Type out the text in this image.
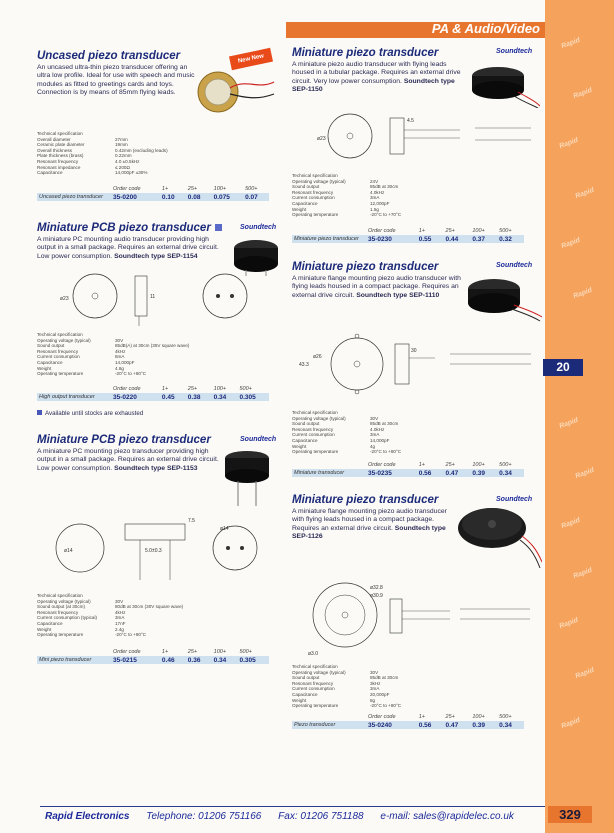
Rapid
Rapid
Rapid
Rapid
Rapid
Rapid
Rapid
Rapid
Rapid
Rapid
Rapid
Rapid
Rapid
PA & Audio/Video
20
Uncased piezo transducer	New New
An uncased ultra-thin piezo transducer offering an ultra low profile. Ideal for use with speech and music modules as fitted to greetings cards and toys. Connection is by means of 85mm flying leads.
Technical specification
Overall diameter	27mm
Ceramic plate diameter	19mm
Overall thickness	0.42mm (excluding leads)
Plate thickness (brass)	0.22mm
Resonant frequency	4.0 ±0.5kHz
Resonant impedance	≤ 200Ω
Capacitance	14,000pF ±30%
	Order code	1+	25+	100+	500+
Uncased piezo transducer	35-0200	0.10	0.08	0.075	0.07
Miniature PCB piezo transducer	Soundtech
A miniature PC mounting audio transducer providing high output in a small package. Requires an external drive circuit. Low power consumption. Soundtech type SEP-1154
ø23	11
Technical specification
Operating voltage (typical)	30V
Sound output	85dB(A) at 30cm (35V square wave)
Resonant frequency	4kHz
Current consumption	8mA
Capacitance	14,000pF
Weight	4.8g
Operating temperature	-20°C to +80°C
	Order code	1+	25+	100+	500+
High output transducer	35-0220	0.45	0.38	0.34	0.305
Available until stocks are exhausted
Miniature PCB piezo transducer	Soundtech
A miniature PC mounting piezo transducer providing high output in a small package. Requires an external drive circuit. Low power consumption. Soundtech type SEP-1153
ø14
7.5
5.0±0.3
ø14
Technical specification
Operating voltage (typical)	30V
Sound output (at 30cm)	80dB at 30cm (30V square wave)
Resonant frequency	4kHz
Current consumption (typical)	3mA
Capacitance	17nF
Weight	2.4g
Operating temperature	-20°C to +80°C
	Order code	1+	25+	100+	500+
Mini piezo transducer	35-0215	0.46	0.36	0.34	0.305
Miniature piezo transducer	Soundtech
A miniature piezo audio transducer with flying leads housed in a tubular package. Requires an external drive circuit. Very low power consumption. Soundtech type SEP-1150
ø23
4.5
Technical specification
Operating voltage (typical)	24V
Sound output	85dB at 30cm
Resonant frequency	4.0kHz
Current consumption	3mA
Capacitance	12,000pF
Weight	1.5g
Operating temperature	-20°C to +70°C
	Order code	1+	25+	100+	500+
Miniature piezo transducer	35-0230	0.55	0.44	0.37	0.32
Miniature piezo transducer	Soundtech
A miniature flange mounting piezo audio transducer with flying leads housed in a compact package. Requires an external drive circuit. Soundtech type SEP-1110
43.3
ø26
30
Technical specification
Operating voltage (typical)	30V
Sound output	85dB at 30cm
Resonant frequency	4.0kHz
Current consumption	3mA
Capacitance	14,000pF
Weight	4g
Operating temperature	-20°C to +80°C
	Order code	1+	25+	100+	500+
Miniature transducer	35-0235	0.56	0.47	0.39	0.34
Miniature piezo transducer	Soundtech
A miniature flange mounting piezo audio transducer with flying leads housed in a compact package. Requires an external drive circuit. Soundtech type SEP-1126
ø32.8
ø30.9
ø3.0
Technical specification
Operating voltage (typical)	30V
Sound output	85dB at 30cm
Resonant frequency	3kHz
Current consumption	3mA
Capacitance	20,000pF
Weight	8g
Operating temperature	-20°C to +80°C
	Order code	1+	25+	100+	500+
Piezo transducer	35-0240	0.56	0.47	0.39	0.34
Rapid Electronics Telephone: 01206 751166 Fax: 01206 751188 e-mail: sales@rapidelec.co.uk	329
